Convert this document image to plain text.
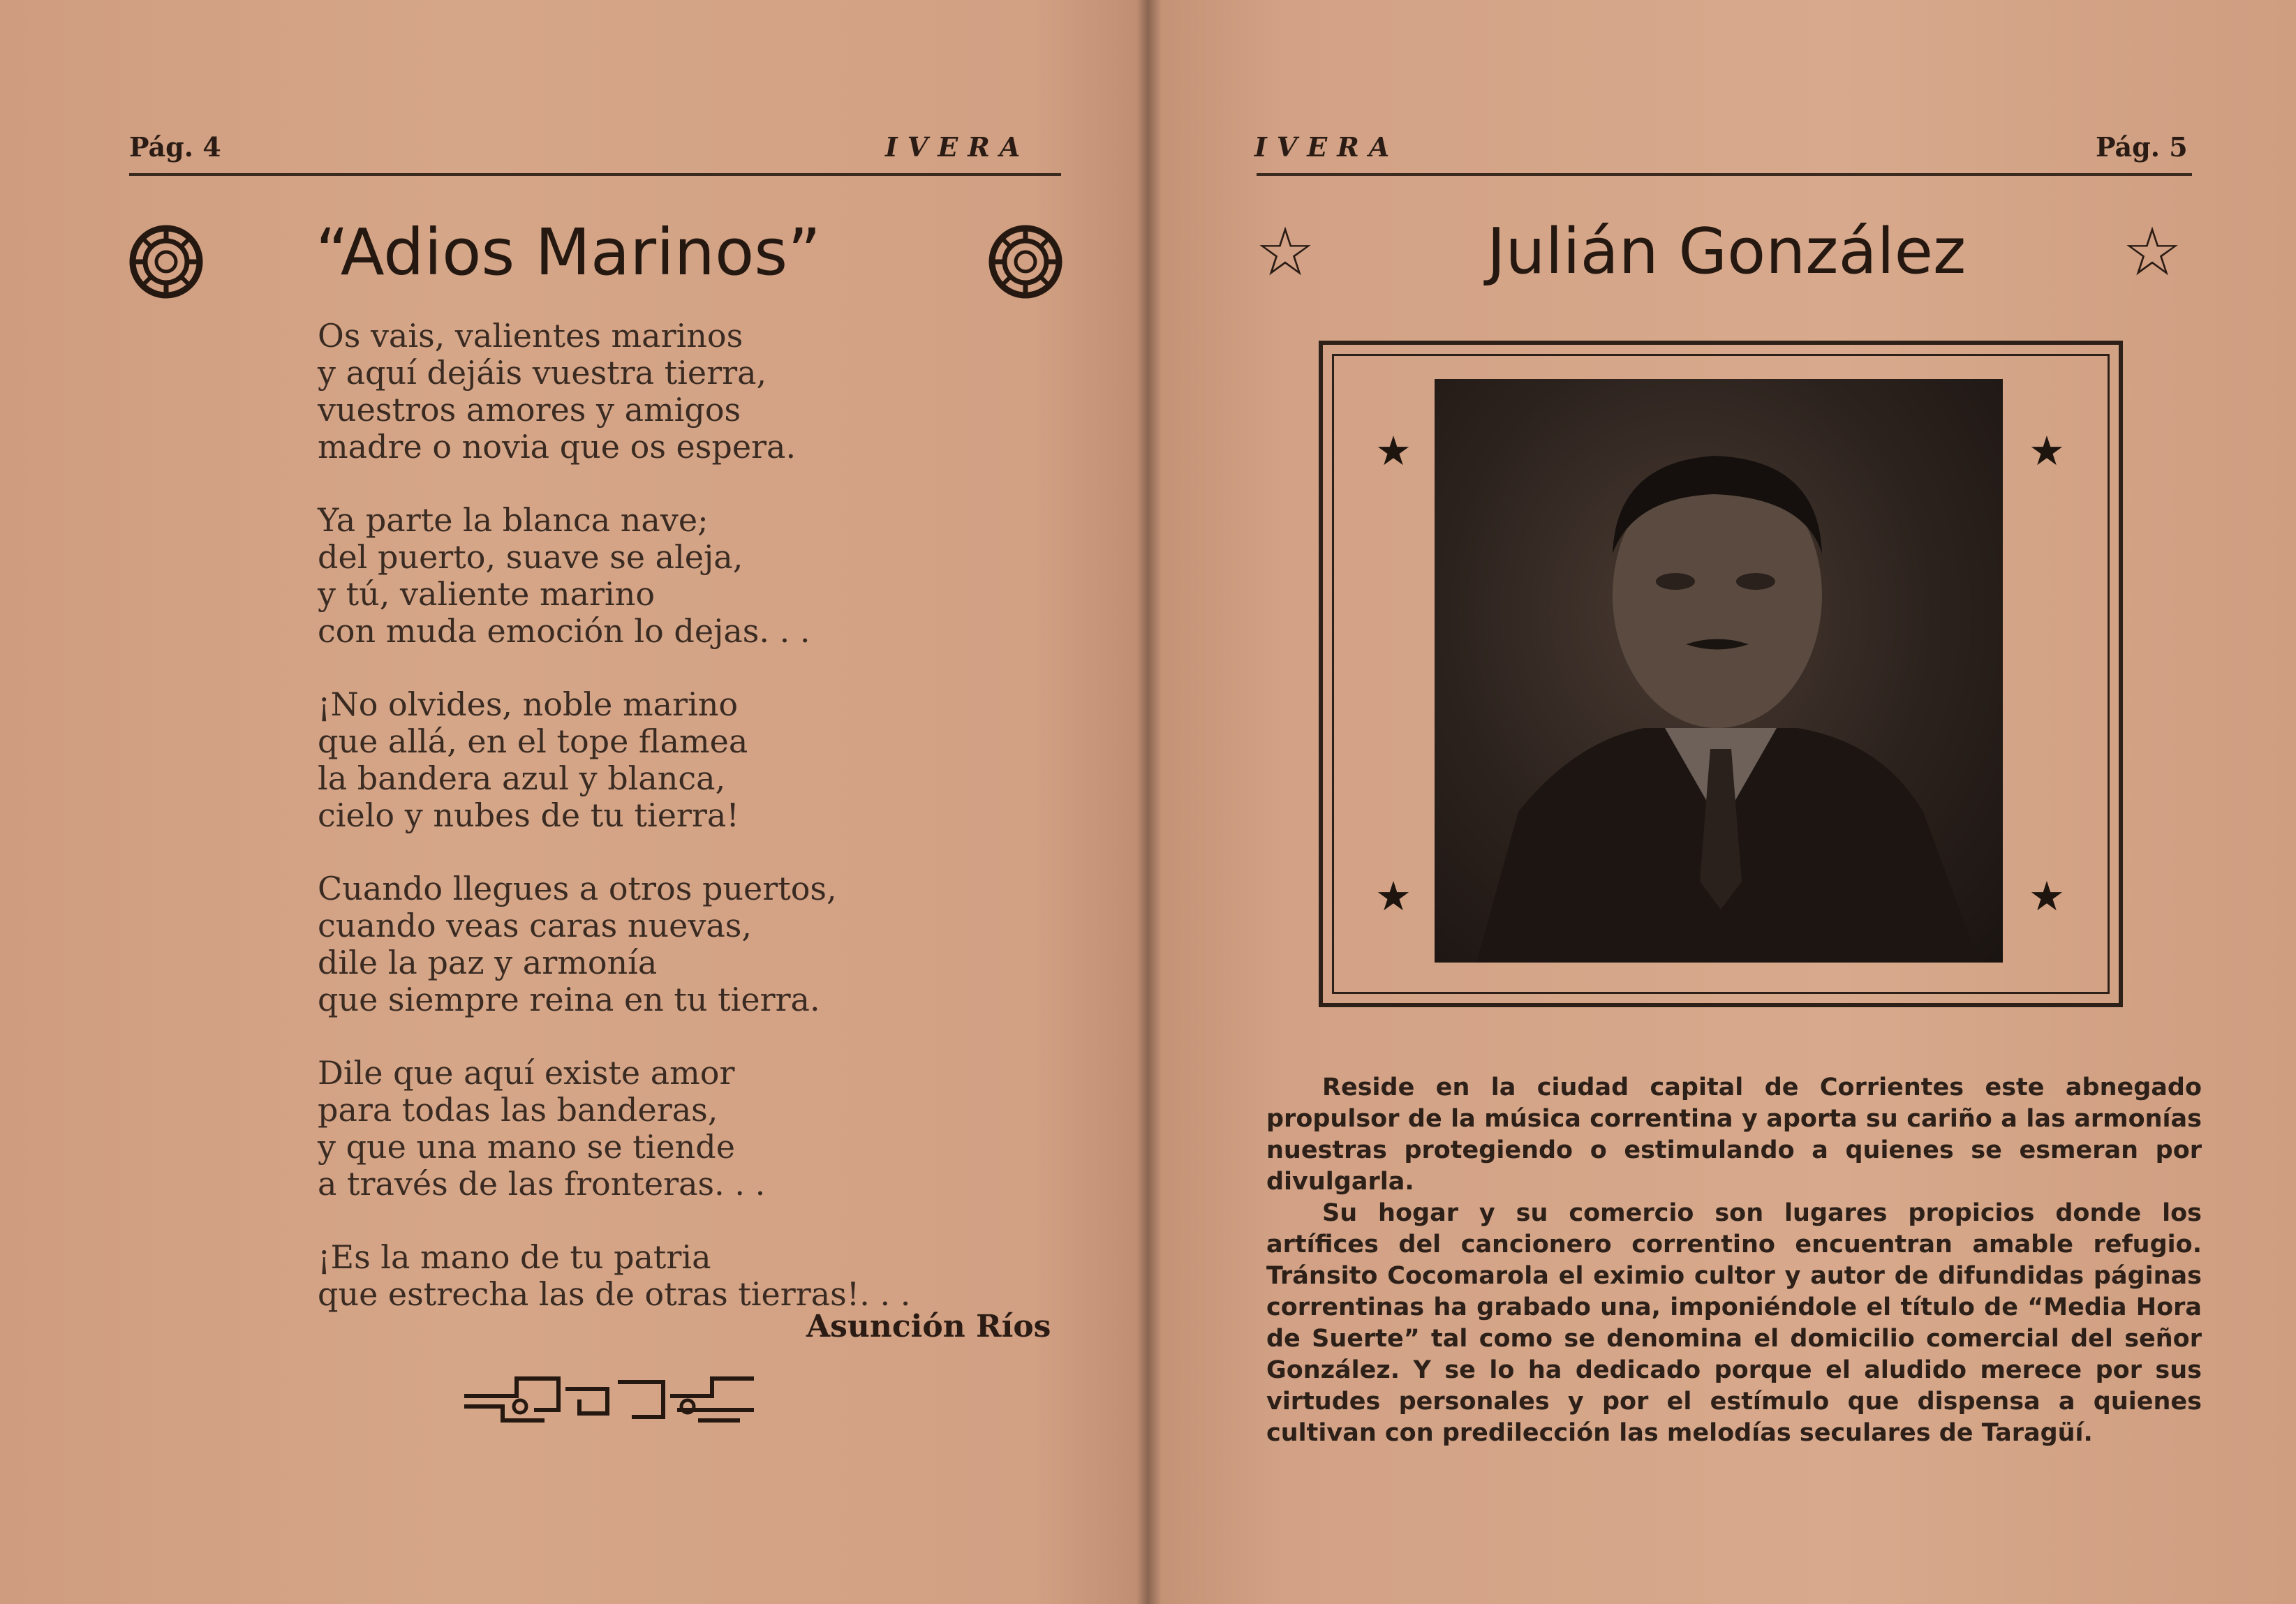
Pág. 4	IVERA
“Adios Marinos”
Os vais, valientes marinos
y aquí dejáis vuestra tierra,
vuestros amores y amigos
madre o novia que os espera.
Ya parte la blanca nave;
del puerto, suave se aleja,
y tú, valiente marino
con muda emoción lo dejas. . .
¡No olvides, noble marino
que allá, en el tope flamea
la bandera azul y blanca,
cielo y nubes de tu tierra!
Cuando llegues a otros puertos,
cuando veas caras nuevas,
dile la paz y armonía
que siempre reina en tu tierra.
Dile que aquí existe amor
para todas las banderas,
y que una mano se tiende
a través de las fronteras. . .
¡Es la mano de tu patria
que estrecha las de otras tierras!. . .
Asunción Ríos
IVERA	Pág. 5
☆	Julián González ☆
★	★
★	★

Reside en la ciudad capital de Corrientes este abnegado propulsor de la música correntina y aporta su cariño a las armonías nuestras protegiendo o estimulando a quienes se esmeran por divulgarla.

Su hogar y su comercio son lugares propicios donde los artífices del cancionero correntino encuentran amable refugio. Tránsito Cocomarola el eximio cultor y autor de difundidas páginas correntinas ha grabado una, imponiéndole el título de “Media Hora de Suerte” tal como se denomina el domicilio comercial del señor González. Y se lo ha dedicado porque el aludido merece por sus virtudes personales y por el estímulo que dispensa a quienes cultivan con predilección las melodías seculares de Taragüí.
